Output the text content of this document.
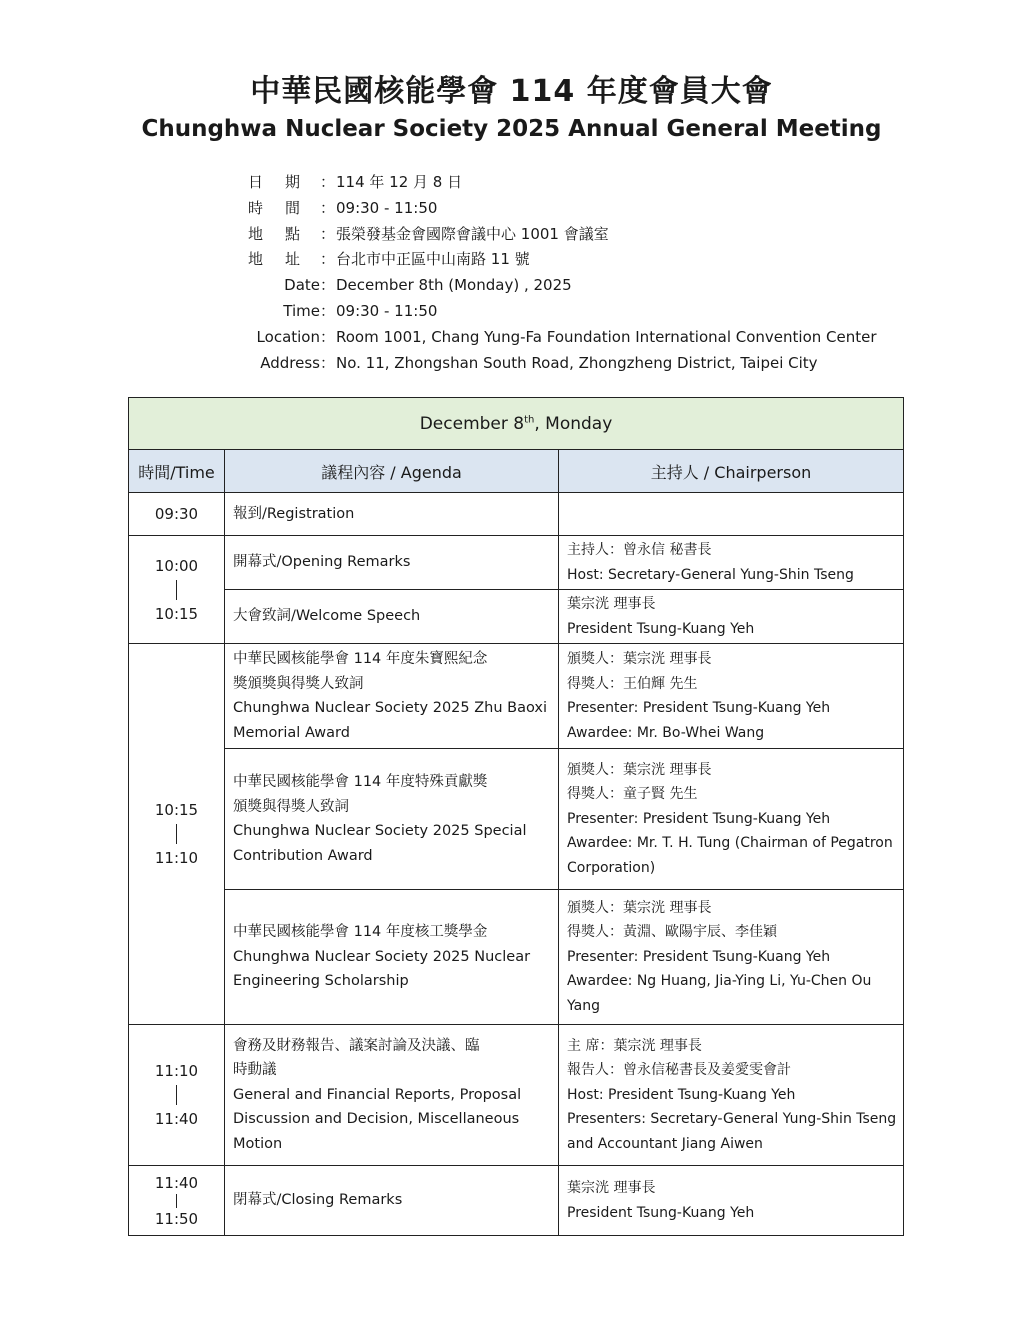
中華民國核能學會 114 年度會員大會
Chunghwa Nuclear Society 2025 Annual General Meeting
日期 ： 114 年 12 月 8 日
時間 ： 09:30 - 11:50
地點 ： 張榮發基金會國際會議中心 1001 會議室
地址 ： 台北市中正區中山南路 11 號
Date ： December 8th (Monday) , 2025
Time ： 09:30 - 11:50
Location ： Room 1001, Chang Yung-Fa Foundation International Convention Center
Address ： No. 11, Zhongshan South Road, Zhongzheng District, Taipei City
December 8th, Monday		
時間/Time	議程內容 / Agenda	主持人 / Chairperson
09:30	報到/Registration	

10:00
10:15	開幕式/Opening Remarks	主持人：曾永信 秘書長
Host: Secretary-General Yung-Shin Tseng

	大會致詞/Welcome Speech	葉宗洸 理事長
President Tsung-Kuang Yeh

10:15
11:10	中華民國核能學會 114 年度朱寶熙紀念
獎頒獎與得獎人致詞
Chunghwa Nuclear Society 2025 Zhu Baoxi
Memorial Award	頒獎人：葉宗洸 理事長
得獎人：王伯輝 先生
Presenter: President Tsung-Kuang Yeh
Awardee: Mr. Bo-Whei Wang

	中華民國核能學會 114 年度特殊貢獻獎
頒獎與得獎人致詞
Chunghwa Nuclear Society 2025 Special
Contribution Award	頒獎人：葉宗洸 理事長
得獎人：童子賢 先生
Presenter: President Tsung-Kuang Yeh
Awardee: Mr. T. H. Tung (Chairman of Pegatron
Corporation)

	中華民國核能學會 114 年度核工獎學金
Chunghwa Nuclear Society 2025 Nuclear
Engineering Scholarship	頒獎人：葉宗洸 理事長
得獎人：黃淵、歐陽宇辰、李佳穎
Presenter: President Tsung-Kuang Yeh
Awardee: Ng Huang, Jia-Ying Li, Yu-Chen Ou
Yang

11:10
11:40	會務及財務報告、議案討論及決議、臨
時動議
General and Financial Reports, Proposal
Discussion and Decision, Miscellaneous
Motion	主 席：葉宗洸 理事長
報告人：曾永信秘書長及姜愛雯會計
Host: President Tsung-Kuang Yeh
Presenters: Secretary-General Yung-Shin Tseng
and Accountant Jiang Aiwen

11:40
11:50	閉幕式/Closing Remarks	葉宗洸 理事長
President Tsung-Kuang Yeh
